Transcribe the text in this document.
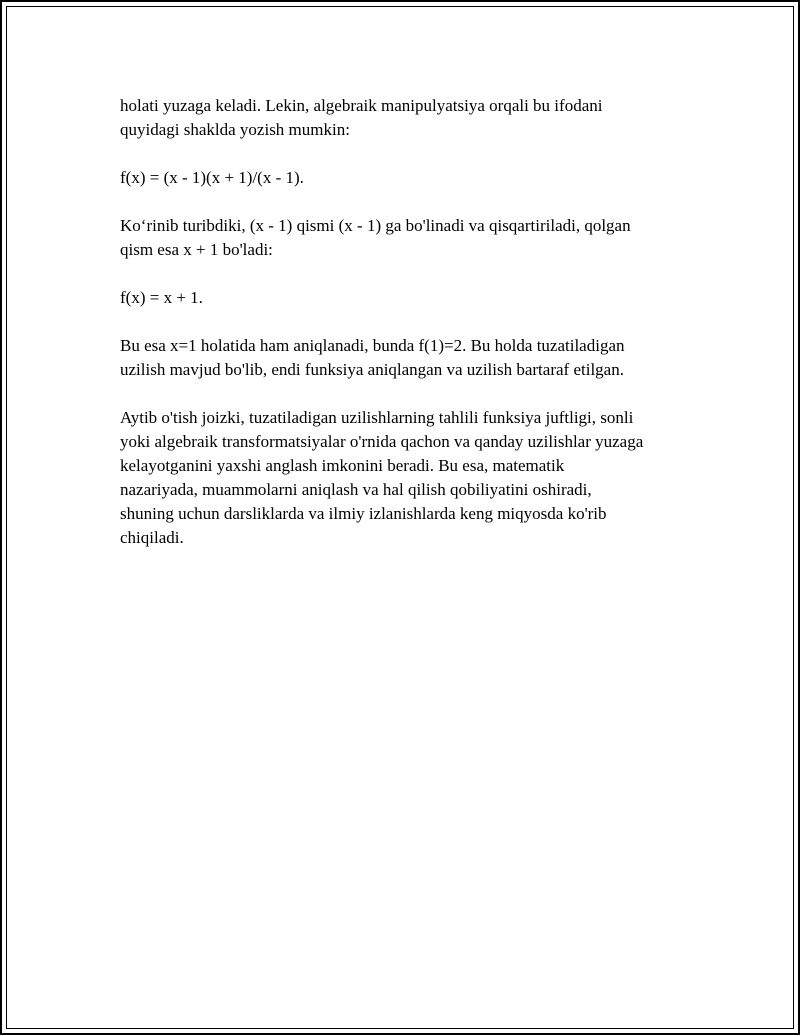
holati yuzaga keladi. Lekin, algebraik manipulyatsiya orqali bu ifodani
quyidagi shaklda yozish mumkin:

f(x) = (x - 1)(x + 1)/(x - 1).

Ko‘rinib turibdiki, (x - 1) qismi (x - 1) ga bo'linadi va qisqartiriladi, qolgan
qism esa x + 1 bo'ladi:

f(x) = x + 1.

Bu esa x=1 holatida ham aniqlanadi, bunda f(1)=2. Bu holda tuzatiladigan
uzilish mavjud bo'lib, endi funksiya aniqlangan va uzilish bartaraf etilgan.

Aytib o'tish joizki, tuzatiladigan uzilishlarning tahlili funksiya juftligi, sonli
yoki algebraik transformatsiyalar o'rnida qachon va qanday uzilishlar yuzaga
kelayotganini yaxshi anglash imkonini beradi. Bu esa, matematik
nazariyada, muammolarni aniqlash va hal qilish qobiliyatini oshiradi,
shuning uchun darsliklarda va ilmiy izlanishlarda keng miqyosda ko'rib
chiqiladi.
